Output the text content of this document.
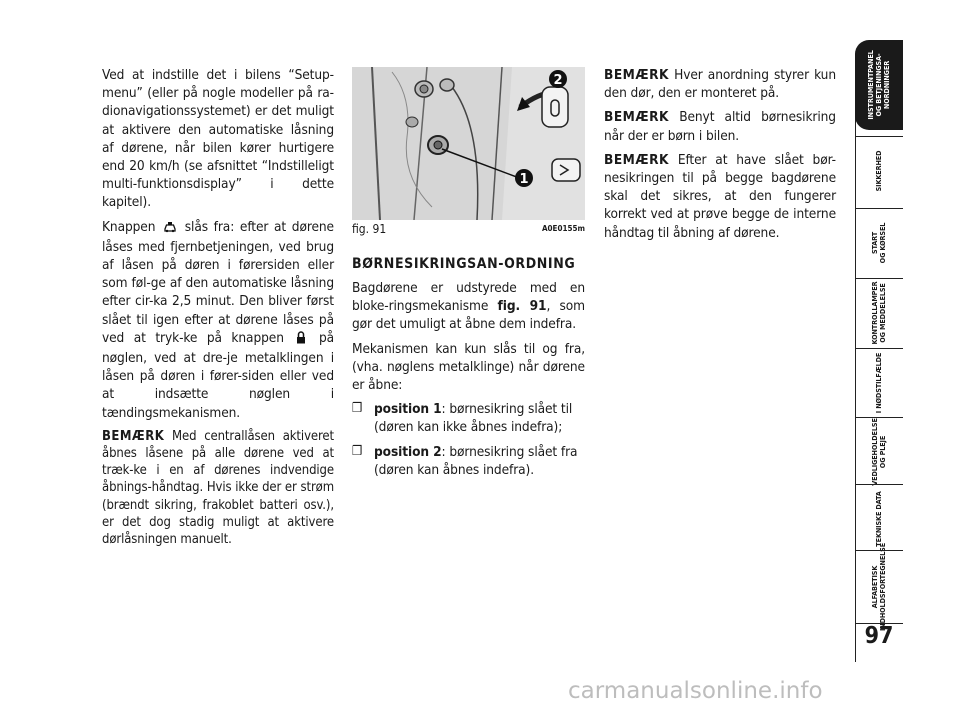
Ved at indstille det i bilens “Setup-menu” (eller på nogle modeller på ra-dionavigationssystemet) er det muligt at aktivere den automatiske låsning af dørene, når bilen kører hurtigere end 20 km/h (se afsnittet “Indstilleligt multi-funktionsdisplay” i dette kapitel).

Knappen slås fra: efter at dørene låses med fjernbetjeningen, ved brug af låsen på døren i førersiden eller som føl-ge af den automatiske låsning efter cir-ka 2,5 minut. Den bliver først slået til igen efter at dørene låses på ved at tryk-ke på knappen	på nøglen, ved at dre-je metalklingen i låsen på døren i fører-siden eller ved at indsætte nøglen i tændingsmekanismen.

BEMÆRK Med centrallåsen aktiveret åbnes låsene på alle dørene ved at træk-ke i en af dørenes indvendige åbnings-håndtag. Hvis ikke der er strøm (brændt sikring, frakoblet batteri osv.), er det dog stadig muligt at aktivere dørlåsningen manuelt.

2
1
fig. 91	A0E0155m
BØRNESIKRINGSAN-ORDNING

Bagdørene er udstyrede med en bloke-ringsmekanisme fig. 91, som gør det umuligt at åbne dem indefra.

Mekanismen kan kun slås til og fra, (vha. nøglens metalklinge) når dørene er åbne:

❒ position 1: børnesikring slået til (døren kan ikke åbnes indefra);
❒ position 2: børnesikring slået fra (døren kan åbnes indefra).

BEMÆRK Hver anordning styrer kun den dør, den er monteret på.

BEMÆRK Benyt altid børnesikring når der er børn i bilen.

BEMÆRK Efter at have slået bør-nesikringen til på begge bagdørene skal det sikres, at den fungerer korrekt ved at prøve begge de interne håndtag til åbning af dørene.

INSTRUMENTPANEL OG BETJENINGSA- NORDNINGER
SIKKERHED
START OG KØRSEL
KONTROLLAMPER OG MEDDELELSE
I NØDSTILFÆLDE
VEDLIGEHOLDELSE OG PLEJE
TEKNISKE DATA
ALFABETISK INDHOLDSFORTEGNELSE
97
carmanualsonline.info
